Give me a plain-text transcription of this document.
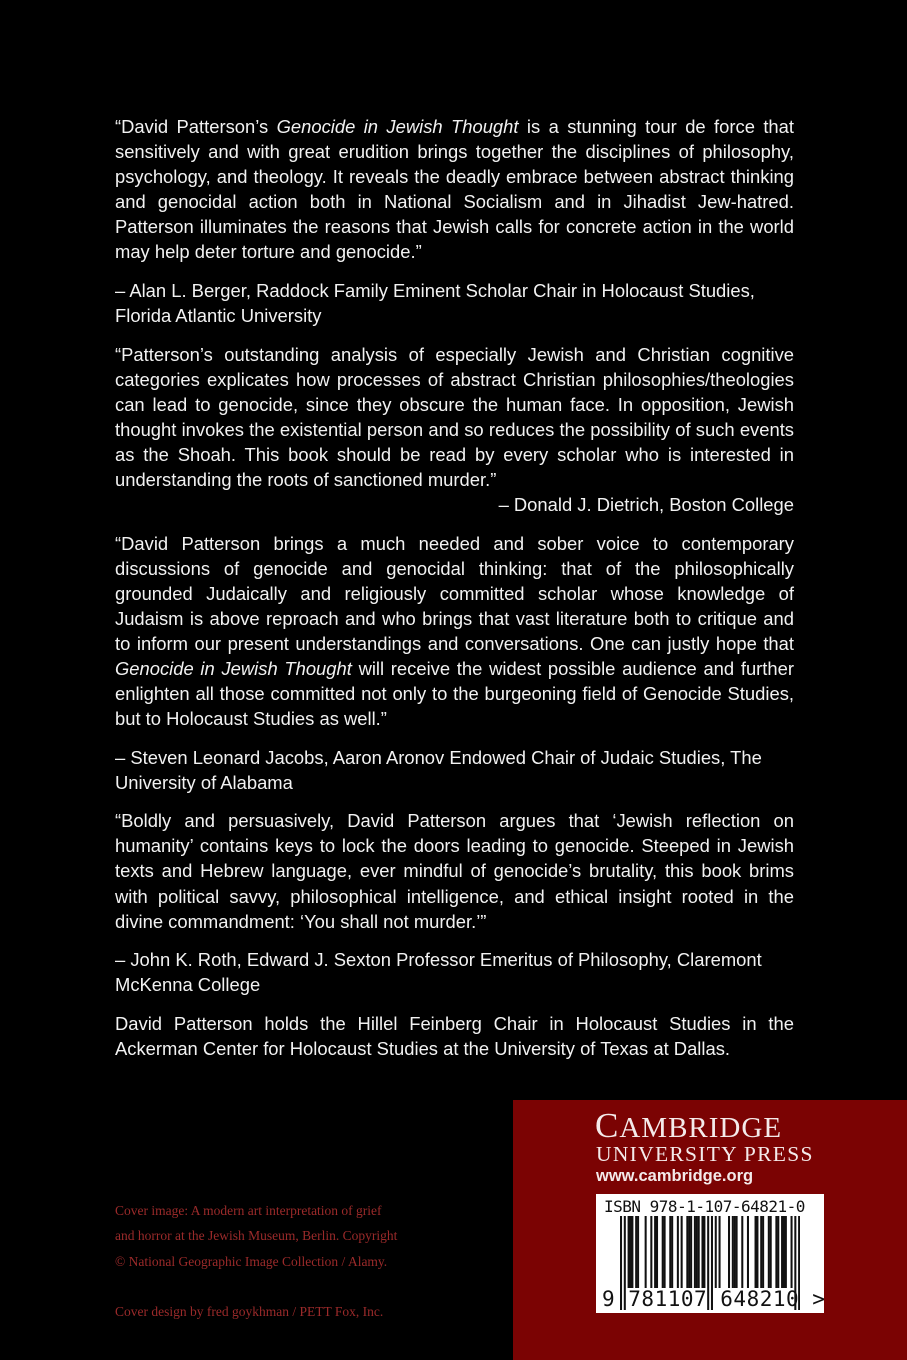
“David Patterson’s Genocide in Jewish Thought is a stunning tour de force that sensitively and with great erudition brings together the disciplines of philosophy, psychology, and theology. It reveals the deadly embrace between abstract thinking and genocidal action both in National Socialism and in Jihadist Jew-hatred. Patterson illuminates the reasons that Jewish calls for concrete action in the world may help deter torture and genocide.”

– Alan L. Berger, Raddock Family Eminent Scholar Chair in Holocaust Studies, Florida Atlantic University

“Patterson’s outstanding analysis of especially Jewish and Christian cognitive categories explicates how processes of abstract Christian philosophies/theologies can lead to genocide, since they obscure the human face. In opposition, Jewish thought invokes the existential person and so reduces the possibility of such events as the Shoah. This book should be read by every scholar who is interested in understanding the roots of sanctioned murder.”

– Donald J. Dietrich, Boston College

“David Patterson brings a much needed and sober voice to contemporary discussions of genocide and genocidal thinking: that of the philosophically grounded Judaically and religiously committed scholar whose knowledge of Judaism is above reproach and who brings that vast literature both to critique and to inform our present understandings and conversations. One can justly hope that Genocide in Jewish Thought will receive the widest possible audience and further enlighten all those committed not only to the burgeoning field of Genocide Studies, but to Holocaust Studies as well.”

– Steven Leonard Jacobs, Aaron Aronov Endowed Chair of Judaic Studies, The University of Alabama

“Boldly and persuasively, David Patterson argues that ‘Jewish reflection on humanity’ contains keys to lock the doors leading to genocide. Steeped in Jewish texts and Hebrew language, ever mindful of genocide’s brutality, this book brims with political savvy, philosophical intelligence, and ethical insight rooted in the divine commandment: ‘You shall not murder.’”

– John K. Roth, Edward J. Sexton Professor Emeritus of Philosophy, Claremont McKenna College

David Patterson holds the Hillel Feinberg Chair in Holocaust Studies in the Ackerman Center for Holocaust Studies at the University of Texas at Dallas.

Cover image: A modern art interpretation of grief
and horror at the Jewish Museum, Berlin. Copyright
© National Geographic Image Collection / Alamy.
Cover design by fred goykhman / PETT Fox, Inc.
CAMBRIDGE
UNIVERSITY PRESS
www.cambridge.org
ISBN 978-1-107-64821-0
9 781107 648210 >
